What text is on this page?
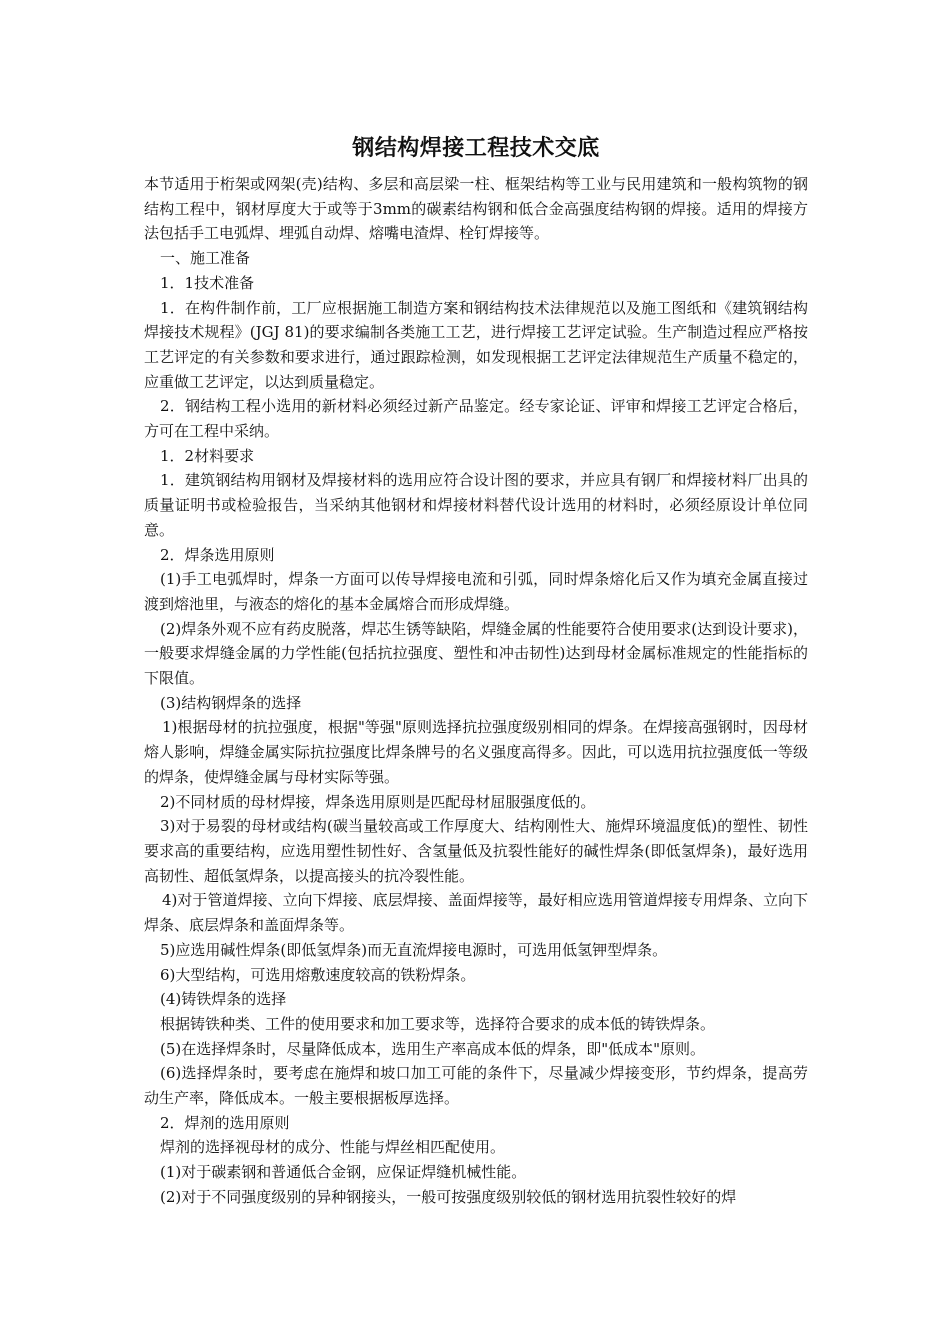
钢结构焊接工程技术交底

本节适用于桁架或网架(壳)结构、多层和高层梁一柱、框架结构等工业与民用建筑和一般构筑物的钢结构工程中，钢材厚度大于或等于3mm的碳素结构钢和低合金高强度结构钢的焊接。适用的焊接方法包括手工电弧焊、埋弧自动焊、熔嘴电渣焊、栓钉焊接等。

一、施工准备

1．1技术准备

1．在构件制作前，工厂应根据施工制造方案和钢结构技术法律规范以及施工图纸和《建筑钢结构焊接技术规程》(JGJ 81)的要求编制各类施工工艺，进行焊接工艺评定试验。生产制造过程应严格按工艺评定的有关参数和要求进行，通过跟踪检测，如发现根据工艺评定法律规范生产质量不稳定的，应重做工艺评定，以达到质量稳定。

2．钢结构工程小选用的新材料必须经过新产品鉴定。经专家论证、评审和焊接工艺评定合格后，方可在工程中采纳。

1．2材料要求

1．建筑钢结构用钢材及焊接材料的选用应符合设计图的要求，并应具有钢厂和焊接材料厂出具的质量证明书或检验报告，当采纳其他钢材和焊接材料替代设计选用的材料时，必须经原设计单位同意。

2．焊条选用原则

(1)手工电弧焊时，焊条一方面可以传导焊接电流和引弧，同时焊条熔化后又作为填充金属直接过渡到熔池里，与液态的熔化的基本金属熔合而形成焊缝。

(2)焊条外观不应有药皮脱落，焊芯生锈等缺陷，焊缝金属的性能要符合使用要求(达到设计要求)，一般要求焊缝金属的力学性能(包括抗拉强度、塑性和冲击韧性)达到母材金属标准规定的性能指标的下限值。

(3)结构钢焊条的选择

1)根据母材的抗拉强度，根据"等强"原则选择抗拉强度级别相同的焊条。在焊接高强钢时，因母材熔人影响，焊缝金属实际抗拉强度比焊条牌号的名义强度高得多。因此，可以选用抗拉强度低一等级的焊条，使焊缝金属与母材实际等强。

2)不同材质的母材焊接，焊条选用原则是匹配母材屈服强度低的。

3)对于易裂的母材或结构(碳当量较高或工作厚度大、结构刚性大、施焊环境温度低)的塑性、韧性要求高的重要结构，应选用塑性韧性好、含氢量低及抗裂性能好的碱性焊条(即低氢焊条)，最好选用高韧性、超低氢焊条，以提高接头的抗冷裂性能。

4)对于管道焊接、立向下焊接、底层焊接、盖面焊接等，最好相应选用管道焊接专用焊条、立向下焊条、底层焊条和盖面焊条等。

5)应选用碱性焊条(即低氢焊条)而无直流焊接电源时，可选用低氢钾型焊条。

6)大型结构，可选用熔敷速度较高的铁粉焊条。

(4)铸铁焊条的选择

根据铸铁种类、工件的使用要求和加工要求等，选择符合要求的成本低的铸铁焊条。

(5)在选择焊条时，尽量降低成本，选用生产率高成本低的焊条，即"低成本"原则。

(6)选择焊条时，要考虑在施焊和坡口加工可能的条件下，尽量减少焊接变形，节约焊条，提高劳动生产率，降低成本。一般主要根据板厚选择。

2．焊剂的选用原则

焊剂的选择视母材的成分、性能与焊丝相匹配使用。

(1)对于碳素钢和普通低合金钢，应保证焊缝机械性能。

(2)对于不同强度级别的异种钢接头，一般可按强度级别较低的钢材选用抗裂性较好的焊
